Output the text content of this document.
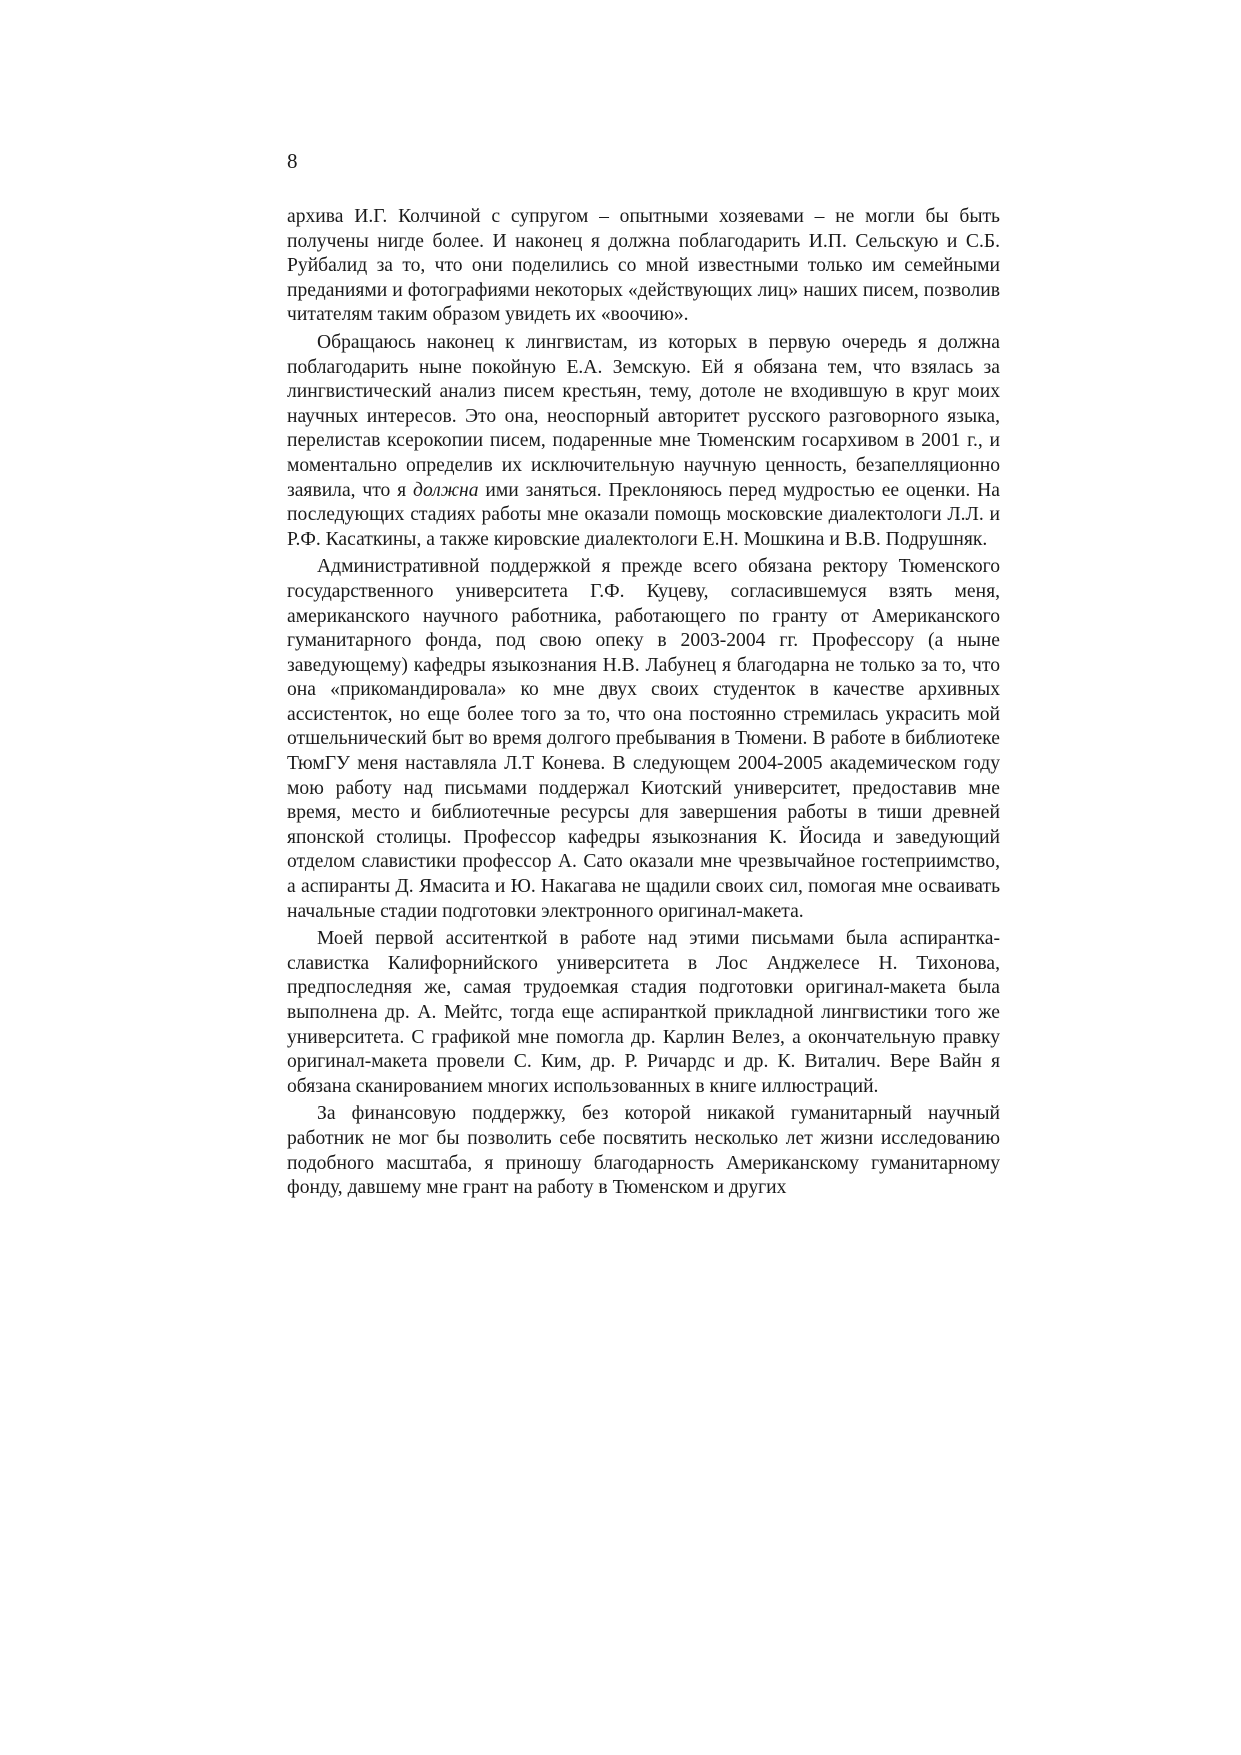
8

архива И.Г. Колчиной с супругом – опытными хозяевами – не могли бы быть получены нигде более. И наконец я должна поблагодарить И.П. Сельскую и С.Б. Руйбалид за то, что они поделились со мной известными только им семейными преданиями и фотографиями некоторых «действующих лиц» наших писем, позволив читателям таким образом увидеть их «воочию».

Обращаюсь наконец к лингвистам, из которых в первую очередь я должна поблагодарить ныне покойную Е.А. Земскую. Ей я обязана тем, что взялась за лингвистический анализ писем крестьян, тему, дотоле не входившую в круг моих научных интересов. Это она, неоспорный авторитет русского разговорного языка, перелистав ксерокопии писем, подаренные мне Тюменским госархивом в 2001 г., и моментально определив их исключительную научную ценность, безапелляционно заявила, что я должна ими заняться. Преклоняюсь перед мудростью ее оценки. На последующих стадиях работы мне оказали помощь московские диалектологи Л.Л. и Р.Ф. Касаткины, а также кировские диалектологи Е.Н. Мошкина и В.В. Подрушняк.

Административной поддержкой я прежде всего обязана ректору Тюменского государственного университета Г.Ф. Куцеву, согласившемуся взять меня, американского научного работника, работающего по гранту от Американского гуманитарного фонда, под свою опеку в 2003-2004 гг. Профессору (а ныне заведующему) кафедры языкознания Н.В. Лабунец я благодарна не только за то, что она «прикомандировала» ко мне двух своих студенток в качестве архивных ассистенток, но еще более того за то, что она постоянно стремилась украсить мой отшельнический быт во время долгого пребывания в Тюмени. В работе в библиотеке ТюмГУ меня наставляла Л.Т Конева. В следующем 2004-2005 академическом году мою работу над письмами поддержал Киотский университет, предоставив мне время, место и библиотечные ресурсы для завершения работы в тиши древней японской столицы. Профессор кафедры языкознания К. Йосида и заведующий отделом славистики профессор А. Сато оказали мне чрезвычайное гостеприимство, а аспиранты Д. Ямасита и Ю. Накагава не щадили своих сил, помогая мне осваивать начальные стадии подготовки электронного оригинал-макета.

Моей первой асситенткой в работе над этими письмами была аспирантка-славистка Калифорнийского университета в Лос Анджелесе Н. Тихонова, предпоследняя же, самая трудоемкая стадия подготовки оригинал-макета была выполнена др. А. Мейтс, тогда еще аспиранткой прикладной лингвистики того же университета. С графикой мне помогла др. Карлин Велез, а окончательную правку оригинал-макета провели С. Ким, др. Р. Ричардс и др. К. Виталич. Вере Вайн я обязана сканированием многих использованных в книге иллюстраций.

За финансовую поддержку, без которой никакой гуманитарный научный работник не мог бы позволить себе посвятить несколько лет жизни исследованию подобного масштаба, я приношу благодарность Американскому гуманитарному фонду, давшему мне грант на работу в Тюменском и других
